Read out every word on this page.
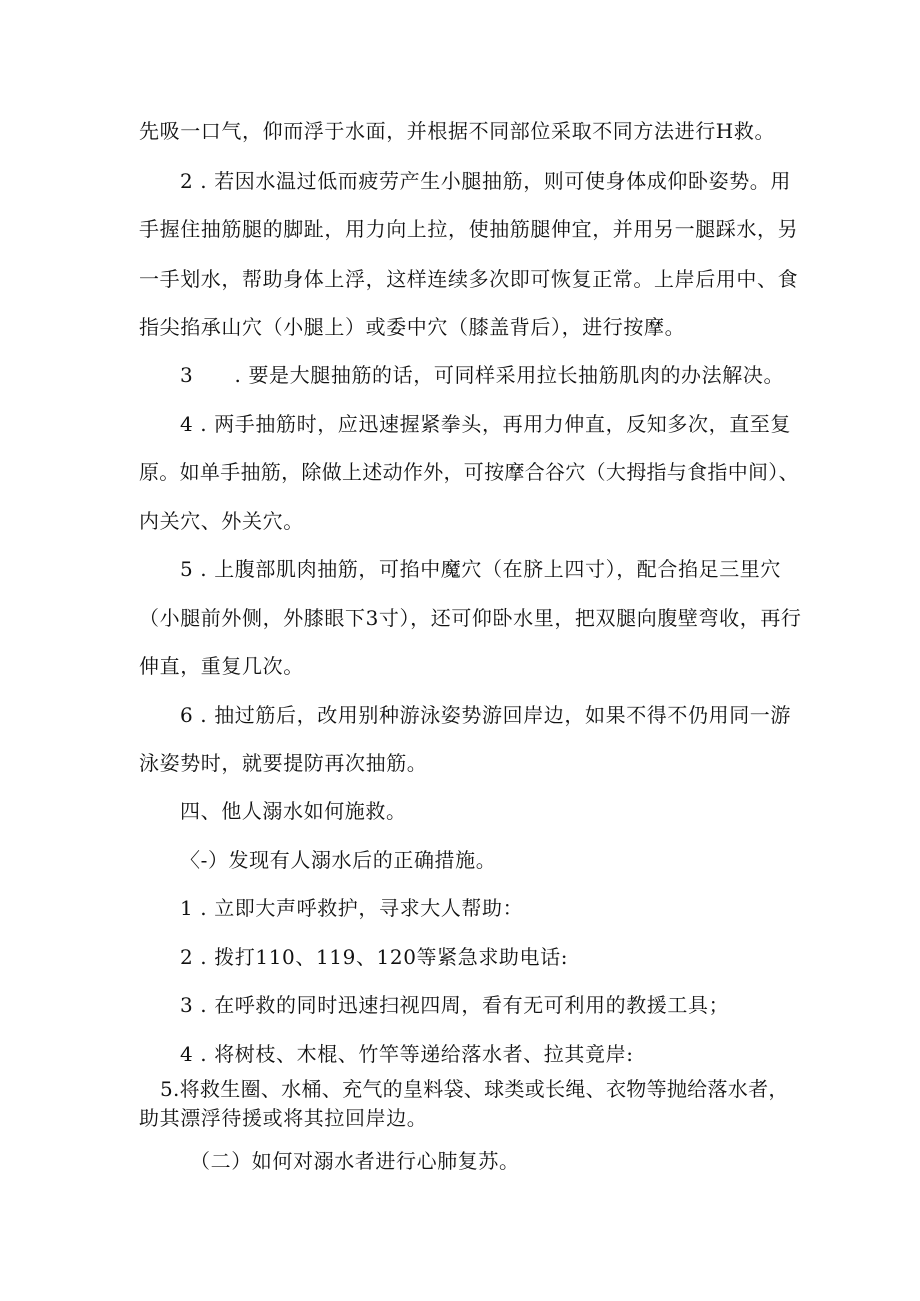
先吸一口气，仰而浮于水面，并根据不同部位采取不同方法进行H救。
2 . 若因水温过低而疲劳产生小腿抽筋，则可使身体成仰卧姿势。用
手握住抽筋腿的脚趾，用力向上拉，使抽筋腿伸宜，并用另一腿踩水，另
一手划水，帮助身体上浮，这样连续多次即可恢复正常。上岸后用中、食
指尖掐承山穴（小腿上）或委中穴（膝盖背后），进行按摩。
3　　. 要是大腿抽筋的话，可同样采用拉长抽筋肌肉的办法解决。
4 . 两手抽筋时，应迅速握紧拳头，再用力伸直，反知多次，直至复
原。如单手抽筋，除做上述动作外，可按摩合谷穴（大拇指与食指中间）、
内关穴、外关穴。
5 . 上腹部肌肉抽筋，可掐中魔穴（在脐上四寸），配合掐足三里穴
（小腿前外侧，外膝眼下3寸），还可仰卧水里，把双腿向腹壁弯收，再行
伸直，重复几次。
6 . 抽过筋后，改用别种游泳姿势游回岸边，如果不得不仍用同一游
泳姿势时，就要提防再次抽筋。
四、他人溺水如何施救。
〈-）发现有人溺水后的正确措施。
1 . 立即大声呼救护，寻求大人帮助：
2 . 拨打110、119、120等紧急求助电话:
3 . 在呼救的同时迅速扫视四周，看有无可利用的教援工具；
4 . 将树枝、木棍、竹竿等递给落水者、拉其竟岸:
5.将救生圈、水桶、充气的皇料袋、球类或长绳、衣物等抛给落水者，
助其漂浮待援或将其拉回岸边。
（二）如何对溺水者进行心肺复苏。
